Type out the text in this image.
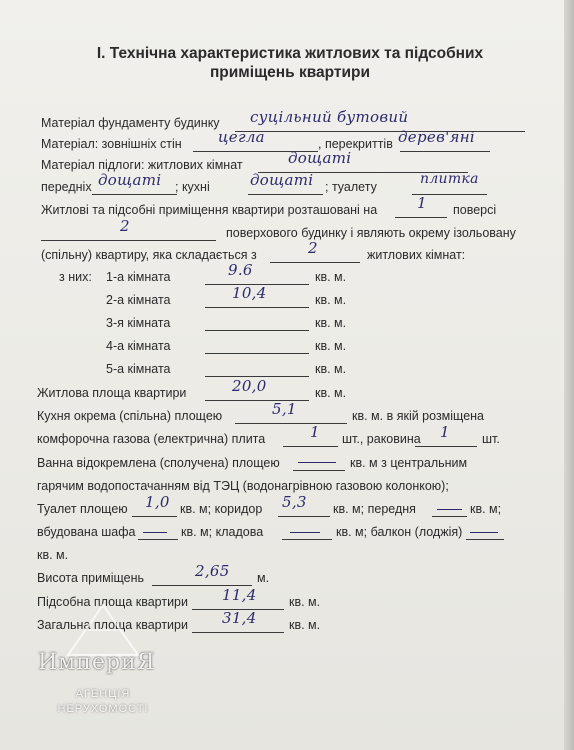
I. Технічна характеристика житлових та підсобних
приміщень квартири
Матеріал фундаменту будинку суцільний бутовий
Матеріал: зовнішніх стін цегла	, перекриттів дерев'яні
Матеріал підлоги: житлових кімнат	дощаті
передніх дощаті ; кухні	дощаті ; туалету	плитка
Житлові та підсобні приміщення квартири розташовані на	1 поверсі
2	поверхового будинку і являють окрему ізольовану
(спільну) квартиру, яка складається з	2	житлових кімнат:
з них: 1-а кімната	9.6	кв. м.
2-а кімната	10,4	кв. м.
3-я кімната	кв. м.
4-а кімната	кв. м.
5-а кімната	кв. м.
Житлова площа квартири	20,0	кв. м.
Кухня окрема (спільна) площею	5,1	кв. м. в якій розміщена
комфорочна газова (електрична) плита	1 шт., раковина 1	шт.
Ванна відокремлена (сполучена) площею	кв. м з центральним
гарячим водопостачанням від ТЭЦ (водонагрівною газовою колонкою);
Туалет площею 1,0 кв. м; коридор 5,3 кв. м; передня	кв. м;
вбудована шафа	кв. м; кладова	кв. м; балкон (лоджія)
кв. м.
Висота приміщень	2,65 м.
Підсобна площа квартири 11,4	кв. м.
Загальна площа квартири 31,4	кв. м.
ИмпериЯ
АГЕНЦІЯ
НЕРУХОМОСТІ
